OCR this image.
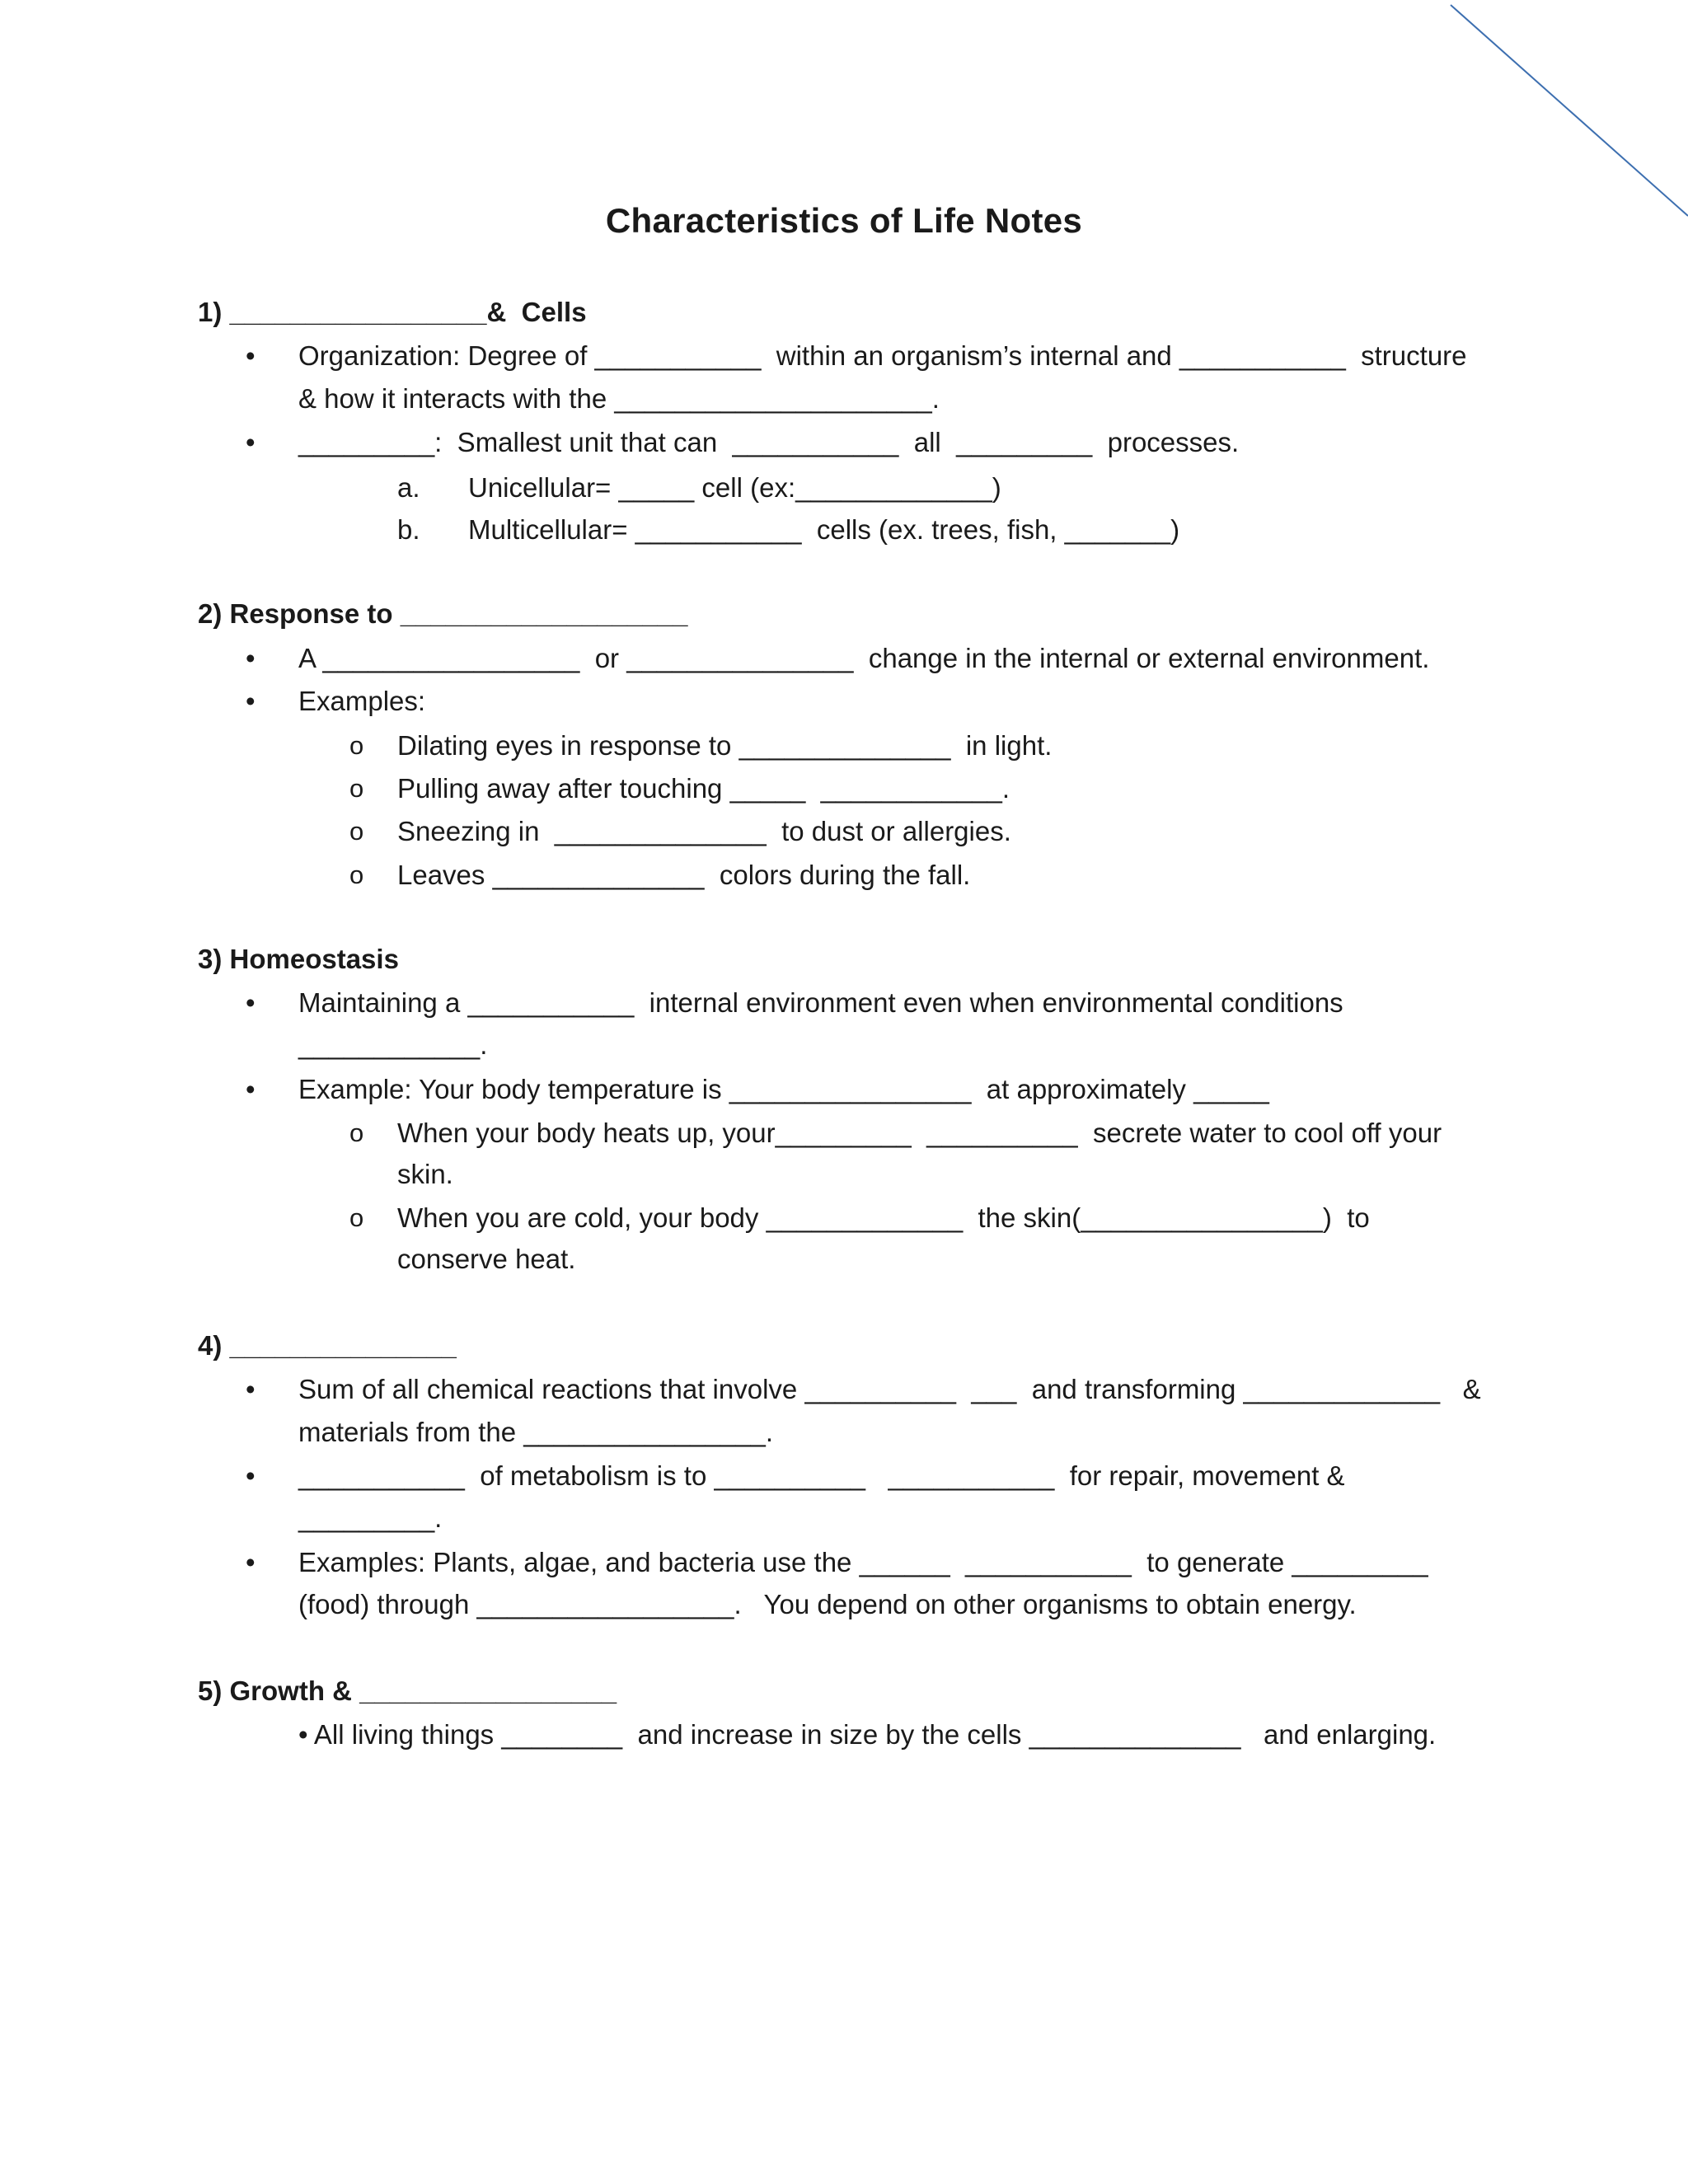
Characteristics of Life Notes
1) _________________&  Cells
• Organization: Degree of ___________  within an organism’s internal and ___________  structure
& how it interacts with the _____________________.
• _________:  Smallest unit that can  ___________  all  _________  processes.
a. Unicellular= _____ cell (ex:_____________)
b. Multicellular= ___________  cells (ex. trees, fish, _______)
2) Response to ___________________
• A _________________  or _______________  change in the internal or external environment.
• Examples:
o Dilating eyes in response to ______________  in light.
o Pulling away after touching _____  ____________.
o Sneezing in  ______________  to dust or allergies.
o Leaves ______________  colors during the fall.
3) Homeostasis
• Maintaining a ___________  internal environment even when environmental conditions
____________.
• Example: Your body temperature is ________________  at approximately _____
o When your body heats up, your_________  __________  secrete water to cool off your
skin.
o When you are cold, your body _____________  the skin(________________)  to
conserve heat.
4) _______________
• Sum of all chemical reactions that involve __________  ___  and transforming _____________   &
materials from the ________________.
• ___________  of metabolism is to __________   ___________  for repair, movement &
_________.
• Examples: Plants, algae, and bacteria use the ______  ___________  to generate _________
(food) through _________________.   You depend on other organisms to obtain energy.
5) Growth & _________________
• All living things ________  and increase in size by the cells ______________   and enlarging.
